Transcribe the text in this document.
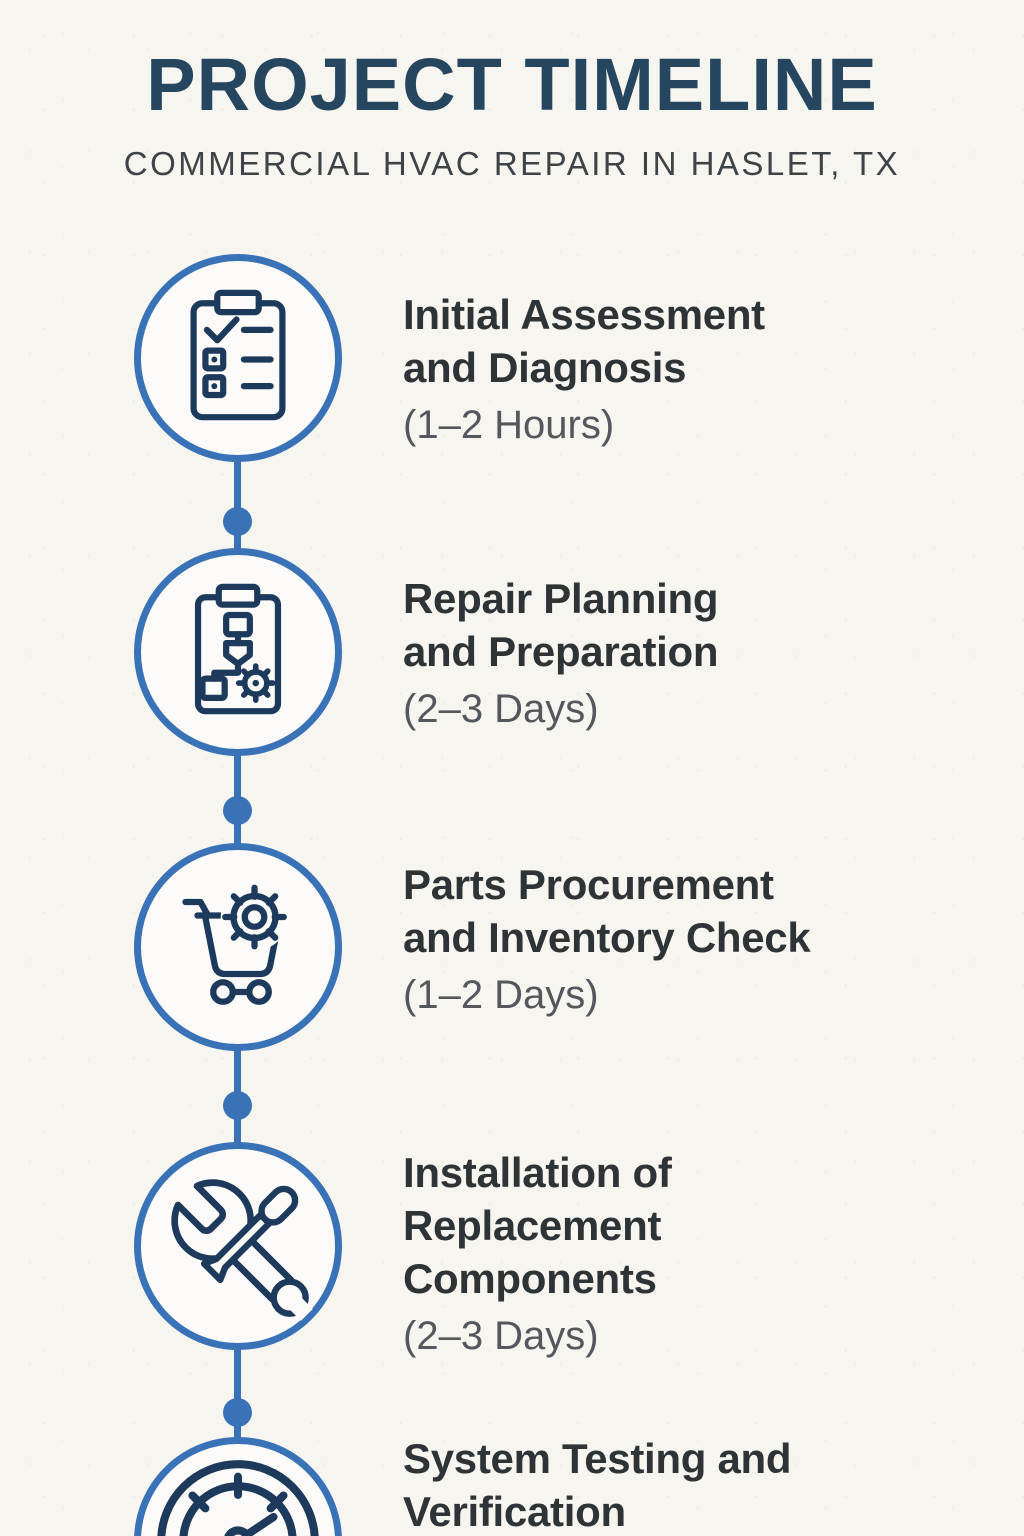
PROJECT TIMELINE
COMMERCIAL HVAC REPAIR IN HASLET, TX
Initial Assessment
and Diagnosis
(1–2 Hours)
Repair Planning
and Preparation
(2–3 Days)
Parts Procurement
and Inventory Check
(1–2 Days)
Installation of
Replacement
Components
(2–3 Days)
System Testing and
Verification
